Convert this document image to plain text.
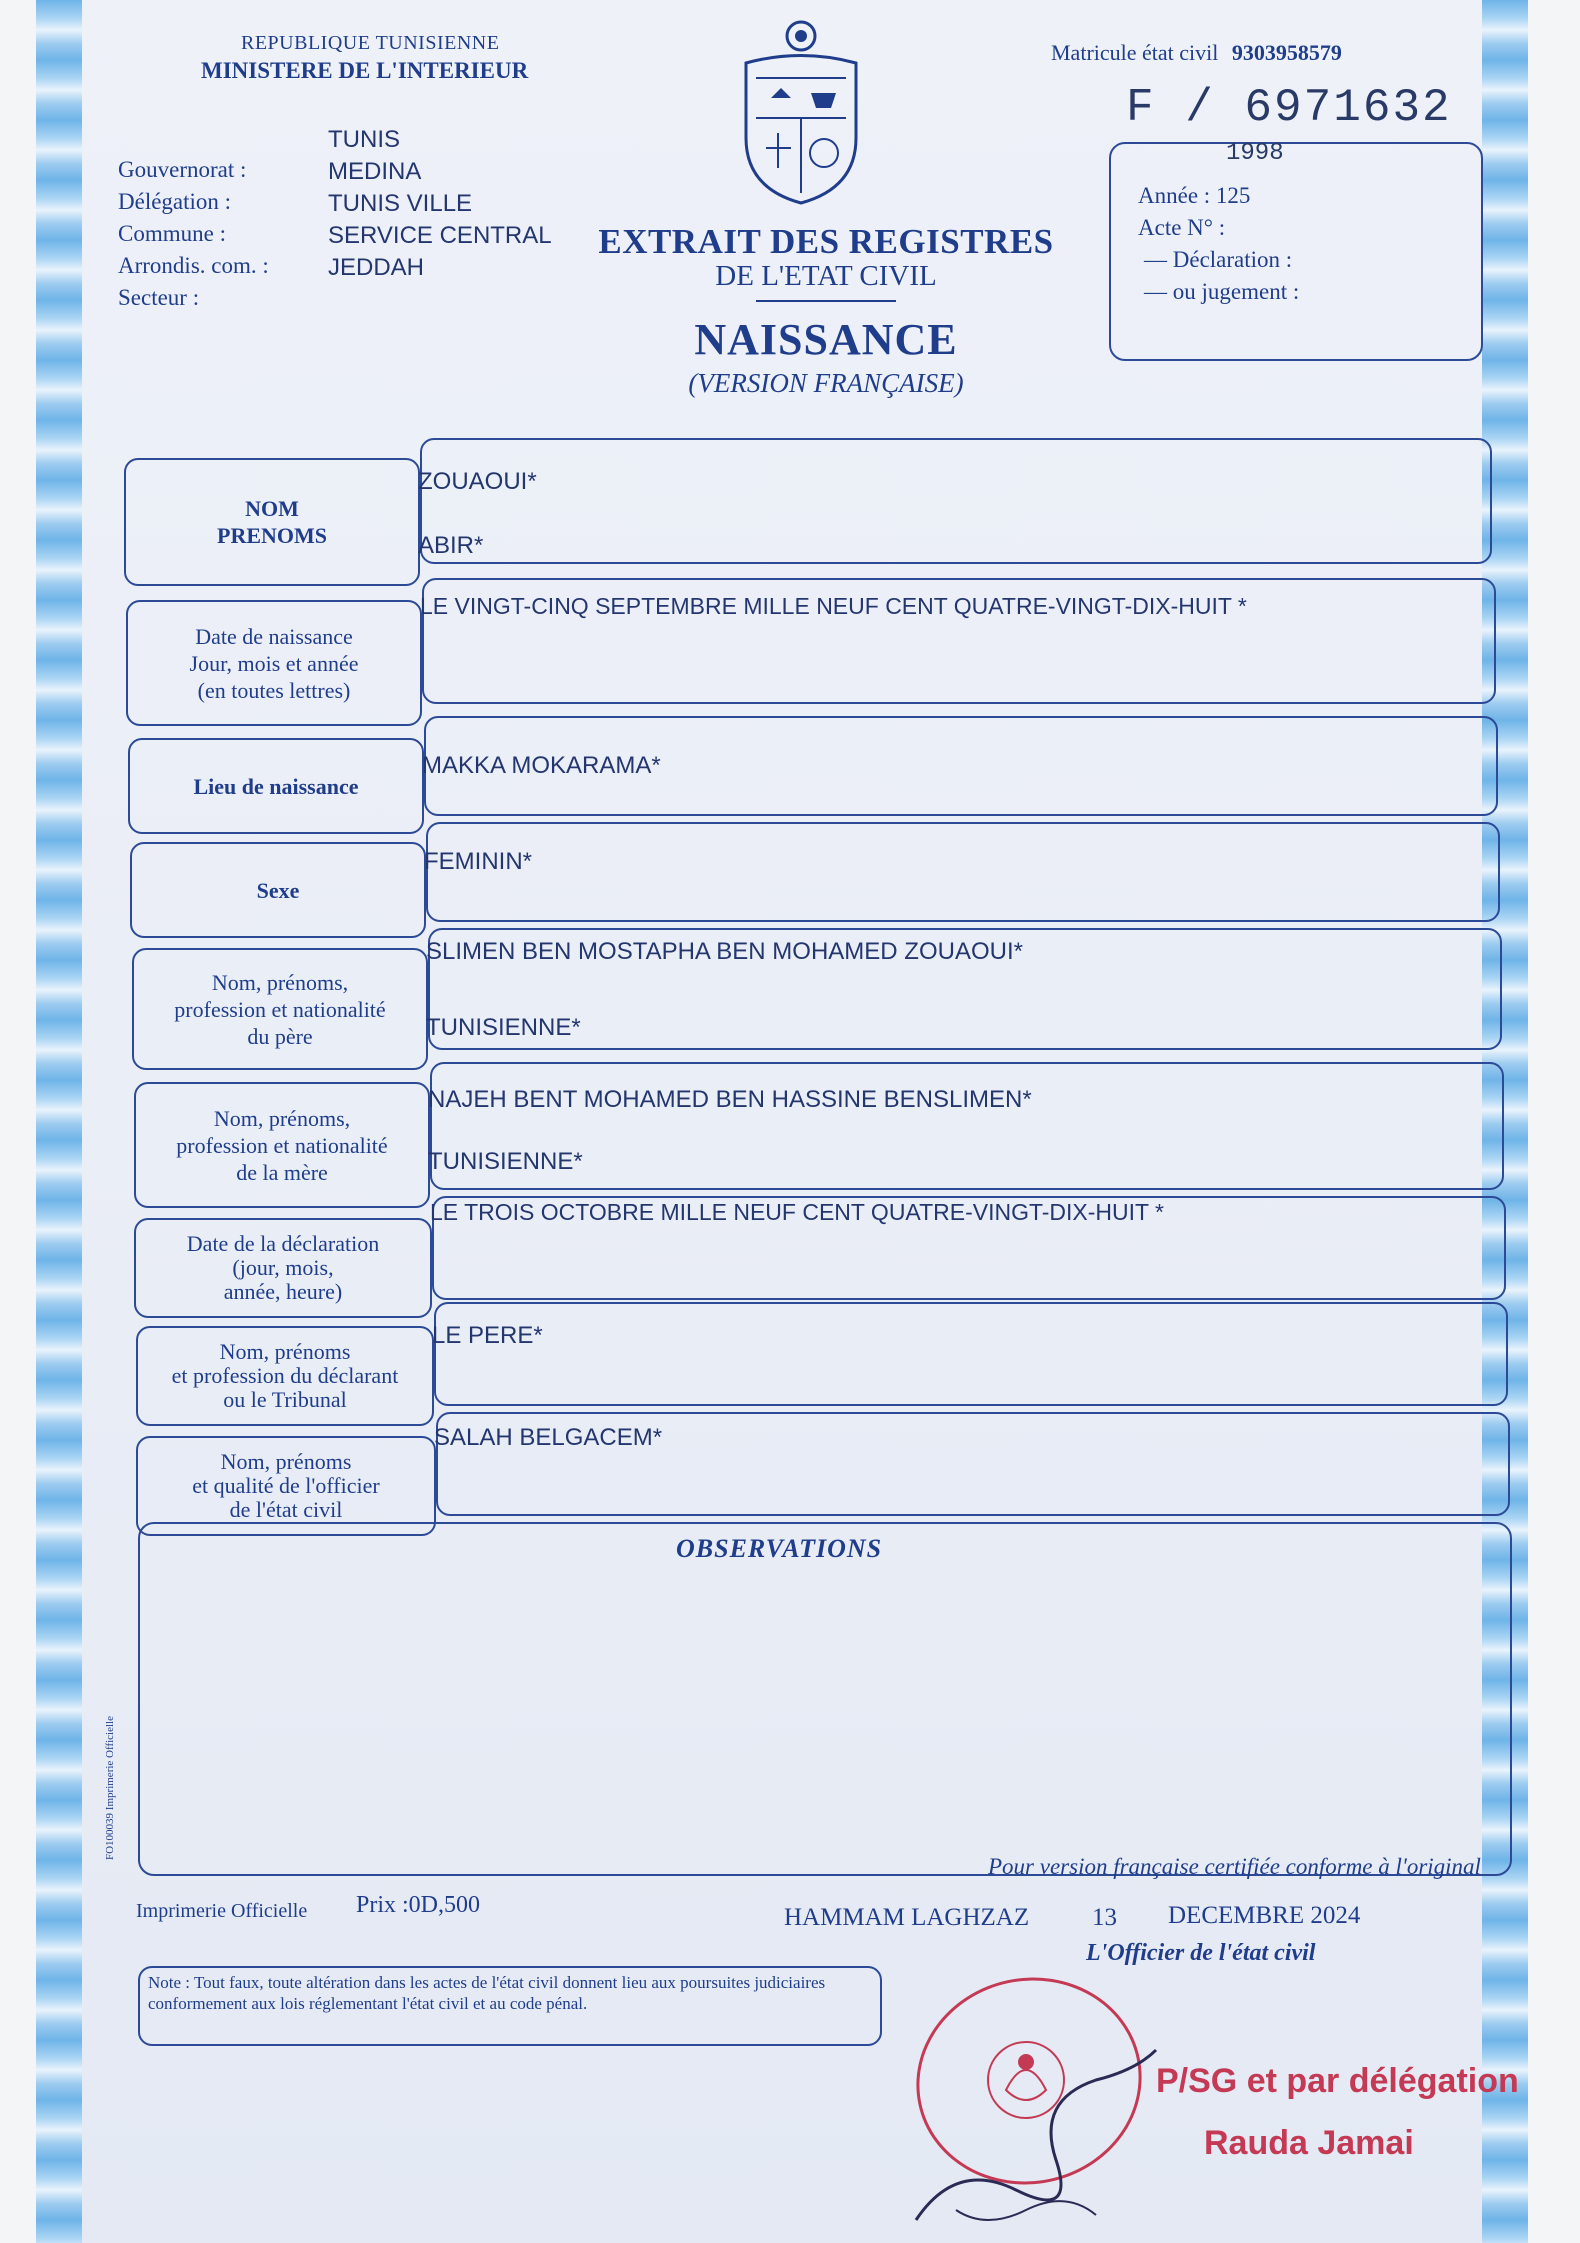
REPUBLIQUE TUNISIENNE
MINISTERE DE L'INTERIEUR
Matricule état civil 9303958579
F / 6971632
Gouvernorat :
Délégation :
Commune :
Arrondis. com. :
Secteur :
TUNIS
MEDINA
TUNIS VILLE
SERVICE CENTRAL
JEDDAH
EXTRAIT DES REGISTRES
DE L'ETAT CIVIL
NAISSANCE
(VERSION FRANÇAISE)
1998
Année : 125
Acte N° :
— Déclaration :
— ou jugement :
NOM
PRENOMS
ZOUAOUI*
ABIR*
Date de naissance
Jour, mois et année
(en toutes lettres)
LE VINGT-CINQ SEPTEMBRE MILLE NEUF CENT QUATRE-VINGT-DIX-HUIT *
Lieu de naissance
MAKKA MOKARAMA*
Sexe
FEMININ*
Nom, prénoms,
profession et nationalité
du père
SLIMEN BEN MOSTAPHA BEN MOHAMED ZOUAOUI*
TUNISIENNE*
Nom, prénoms,
profession et nationalité
de la mère
NAJEH BENT MOHAMED BEN HASSINE BENSLIMEN*
TUNISIENNE*
Date de la déclaration
(jour, mois,
année, heure)
LE TROIS OCTOBRE MILLE NEUF CENT QUATRE-VINGT-DIX-HUIT *
Nom, prénoms
et profession du déclarant
ou le Tribunal
LE PERE*
Nom, prénoms
et qualité de l'officier
de l'état civil
SALAH BELGACEM*
OBSERVATIONS
FO100039 Imprimerie Officielle
Pour version française certifiée conforme à l'original
Imprimerie Officielle Prix :0D,500	HAMMAM LAGHZAZ	13 DECEMBRE 2024
L'Officier de l'état civil
Note : Tout faux, toute altération dans les actes de l'état civil donnent lieu aux poursuites judiciaires conformement aux lois réglementant l'état civil et au code pénal.
P/SG et par délégation
Rauda Jamai
